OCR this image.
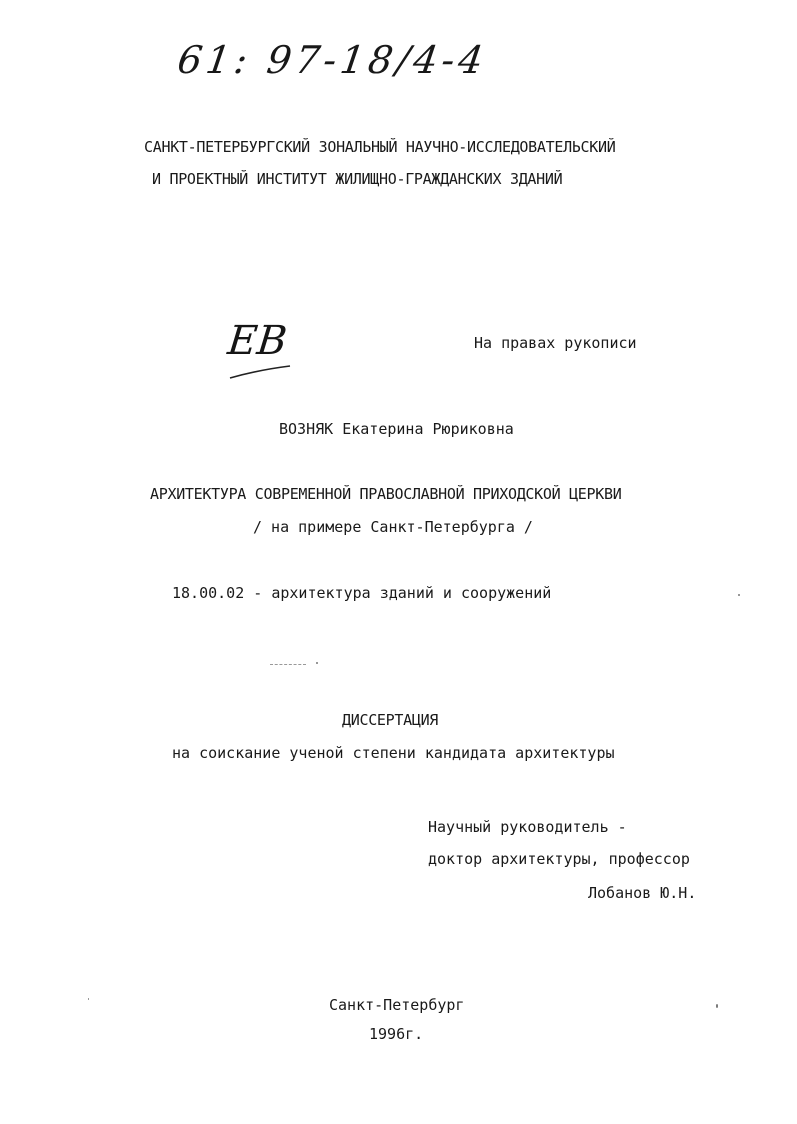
61: 97-18/4-4
САНКТ-ПЕТЕРБУРГСКИЙ ЗОНАЛЬНЫЙ НАУЧНО-ИССЛЕДОВАТЕЛЬСКИЙ
И ПРОЕКТНЫЙ ИНСТИТУТ ЖИЛИЩНО-ГРАЖДАНСКИХ ЗДАНИЙ
ЕВ	На правах рукописи
ВОЗНЯК Екатерина Рюриковна
АРХИТЕКТУРА СОВРЕМЕННОЙ ПРАВОСЛАВНОЙ ПРИХОДСКОЙ ЦЕРКВИ
/ на примере Санкт-Петербурга /
18.00.02 - архитектура зданий и сооружений
ДИССЕРТАЦИЯ
на соискание ученой степени кандидата архитектуры
Научный руководитель -
доктор архитектуры, профессор
Лобанов Ю.Н.
Санкт-Петербург
1996г.
